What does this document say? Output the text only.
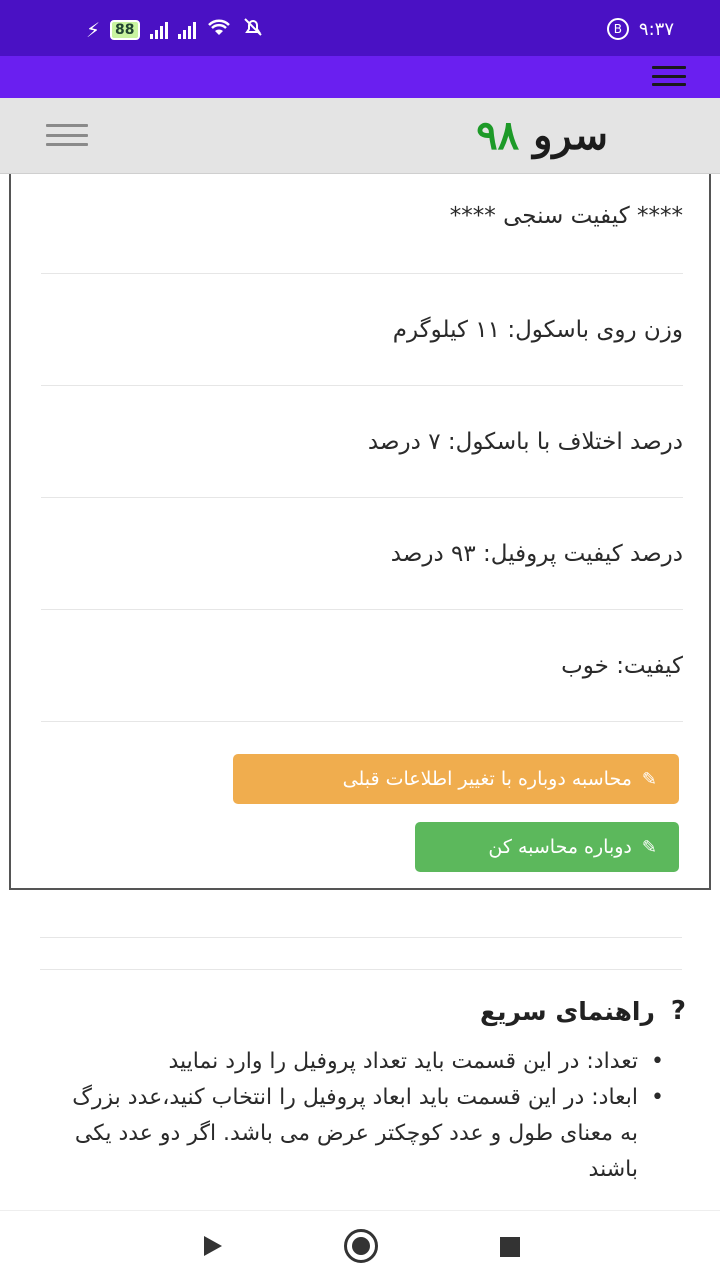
⚡	88	B ۹:۳۷
سرو ۹۸
**** کیفیت سنجی ****
وزن روی باسکول: ۱۱ کیلوگرم
درصد اختلاف با باسکول: ۷ درصد
درصد کیفیت پروفیل: ۹۳ درصد
کیفیت: خوب
✎
محاسبه دوباره با تغییر اطلاعات قبلی
✎
دوباره محاسبه کن
?
راهنمای سریع
• تعداد: در این قسمت باید تعداد پروفیل را وارد نمایید
• ابعاد: در این قسمت باید ابعاد پروفیل را انتخاب کنید،عدد بزرگ به معنای طول و عدد کوچکتر عرض می باشد. اگر دو عدد یکی باشند
